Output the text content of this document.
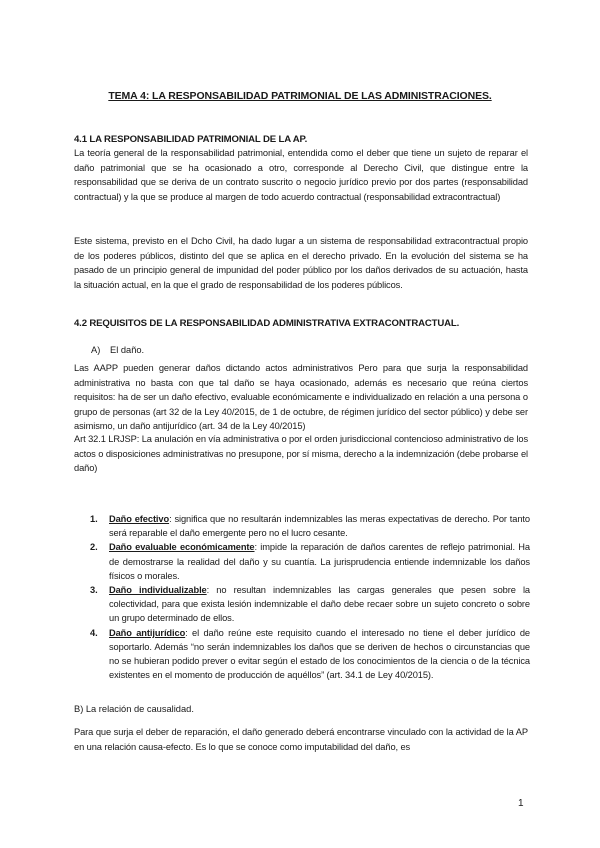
TEMA 4: LA RESPONSABILIDAD PATRIMONIAL DE LAS ADMINISTRACIONES.
4.1 LA RESPONSABILIDAD PATRIMONIAL DE LA AP.

La teoría general de la responsabilidad patrimonial, entendida como el deber que tiene un sujeto de reparar el daño patrimonial que se ha ocasionado a otro, corresponde al Derecho Civil, que distingue entre la responsabilidad que se deriva de un contrato suscrito o negocio jurídico previo por dos partes (responsabilidad contractual) y la que se produce al margen de todo acuerdo contractual (responsabilidad extracontractual)

Este sistema, previsto en el Dcho Civil, ha dado lugar a un sistema de responsabilidad extracontractual propio de los poderes públicos, distinto del que se aplica en el derecho privado. En la evolución del sistema se ha pasado de un principio general de impunidad del poder público por los daños derivados de su actuación, hasta la situación actual, en la que el grado de responsabilidad de los poderes públicos.

4.2 REQUISITOS DE LA RESPONSABILIDAD ADMINISTRATIVA EXTRACONTRACTUAL.
A) El daño.

Las AAPP pueden generar daños dictando actos administrativos Pero para que surja la responsabilidad administrativa no basta con que tal daño se haya ocasionado, además es necesario que reúna ciertos requisitos: ha de ser un daño efectivo, evaluable económicamente e individualizado en relación a una persona o grupo de personas (art 32 de la Ley 40/2015, de 1 de octubre, de régimen jurídico del sector público) y debe ser asimismo, un daño antijurídico (art. 34 de la Ley 40/2015)

Art 32.1 LRJSP: La anulación en vía administrativa o por el orden jurisdiccional contencioso administrativo de los actos o disposiciones administrativas no presupone, por sí misma, derecho a la indemnización (debe probarse el daño)

1. Daño efectivo: significa que no resultarán indemnizables las meras expectativas de derecho. Por tanto será reparable el daño emergente pero no el lucro cesante.
2. Daño evaluable económicamente: impide la reparación de daños carentes de reflejo patrimonial. Ha de demostrarse la realidad del daño y su cuantía. La jurisprudencia entiende indemnizable los daños físicos o morales.
3. Daño individualizable: no resultan indemnizables las cargas generales que pesen sobre la colectividad, para que exista lesión indemnizable el daño debe recaer sobre un sujeto concreto o sobre un grupo determinado de ellos.
4. Daño antijurídico: el daño reúne este requisito cuando el interesado no tiene el deber jurídico de soportarlo. Además “no serán indemnizables los daños que se deriven de hechos o circunstancias que no se hubieran podido prever o evitar según el estado de los conocimientos de la ciencia o de la técnica existentes en el momento de producción de aquéllos” (art. 34.1 de Ley 40/2015).
B) La relación de causalidad.

Para que surja el deber de reparación, el daño generado deberá encontrarse vinculado con la actividad de la AP en una relación causa-efecto. Es lo que se conoce como imputabilidad del daño, es

1
